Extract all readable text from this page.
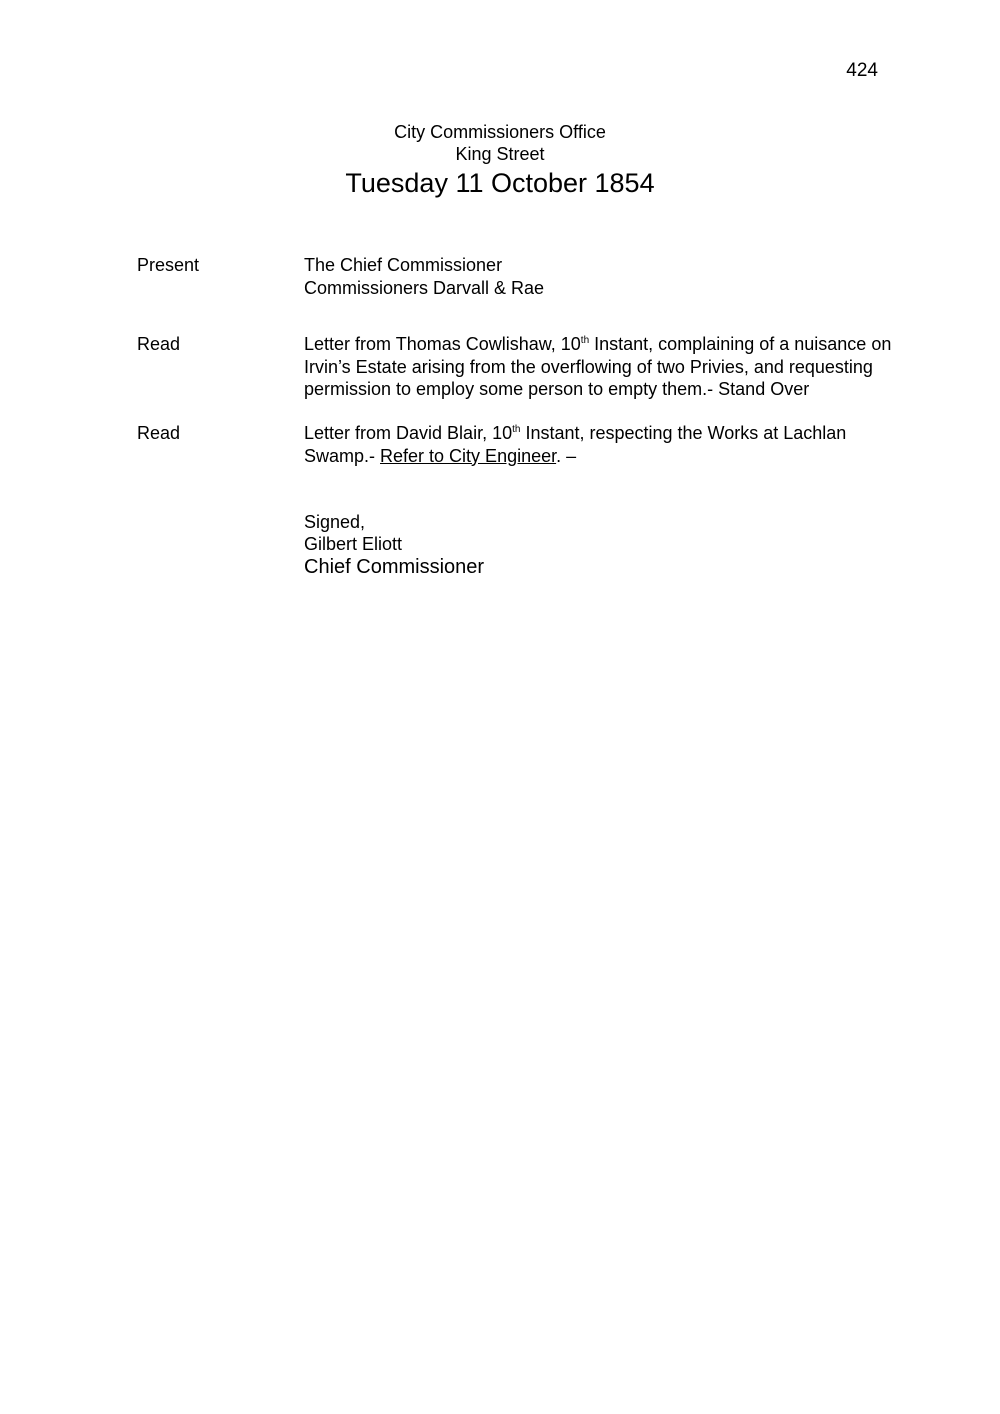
424
City Commissioners Office
King Street
Tuesday 11 October 1854
Present	The Chief Commissioner
Commissioners Darvall & Rae
Read	Letter from Thomas Cowlishaw, 10th Instant, complaining of a nuisance on Irvin’s Estate arising from the overflowing of two Privies, and requesting permission to employ some person to empty them.- Stand Over
Read	Letter from David Blair, 10th Instant, respecting the Works at Lachlan Swamp.- Refer to City Engineer. –
Signed,
Gilbert Eliott
Chief Commissioner
